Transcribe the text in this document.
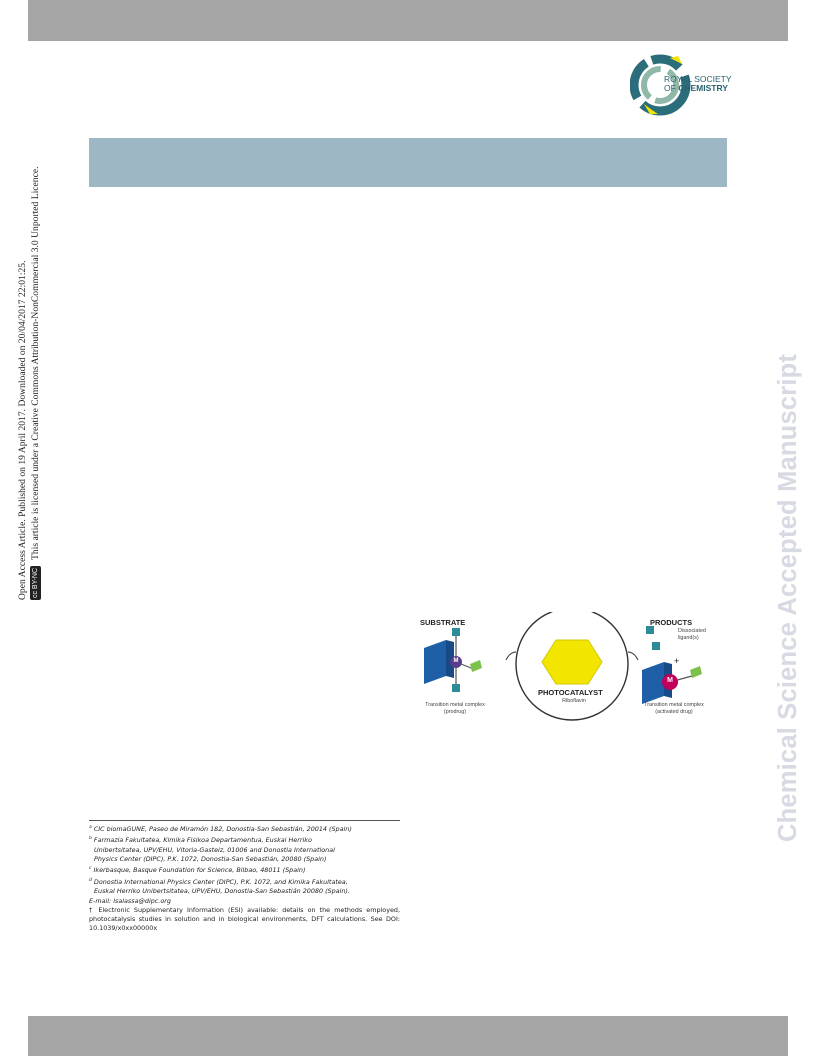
ROYAL SOCIETY
OF CHEMISTRY
Open Access Article. Published on 19 April 2017. Downloaded on 20/04/2017 22:01:25. cc BY-NC
This article is licensed under a Creative Commons Attribution-NonCommercial 3.0 Unported Licence.	Chemical Science Accepted Manuscript
SUBSTRATE	PRODUCTS
PHOTOCATALYST
Riboflavin
M
M
Dissociated
ligand(s)
+
Transition metal complex
(prodrug)
Transition metal complex
(activated drug)
$^a$ CIC biomaGUNE, Paseo de Miramón 182, Donostia-San Sebastián, 20014 (Spain)
$^b$ Farmazia Fakultatea, Kimika Fisikoa Departamentua, Euskal Herriko
Unibertsitatea, UPV/EHU, Vitoria-Gasteiz, 01006 and Donostia International
Physics Center (DIPC), P.K. 1072, Donostia-San Sebastián, 20080 (Spain)
$^c$ Ikerbasque, Basque Foundation for Science, Bilbao, 48011 (Spain)
$^d$ Donostia International Physics Center (DIPC), P.K. 1072, and Kimika Fakultatea,
Euskal Herriko Unibertsitatea, UPV/EHU, Donostia-San Sebastián 20080 (Spain).
E-mail: lsalassa@dipc.org
† Electronic Supplementary Information (ESI) available: details on the methods employed, photocatalysis studies in solution and in biological environments, DFT calculations. See DOI: 10.1039/x0xx00000x
